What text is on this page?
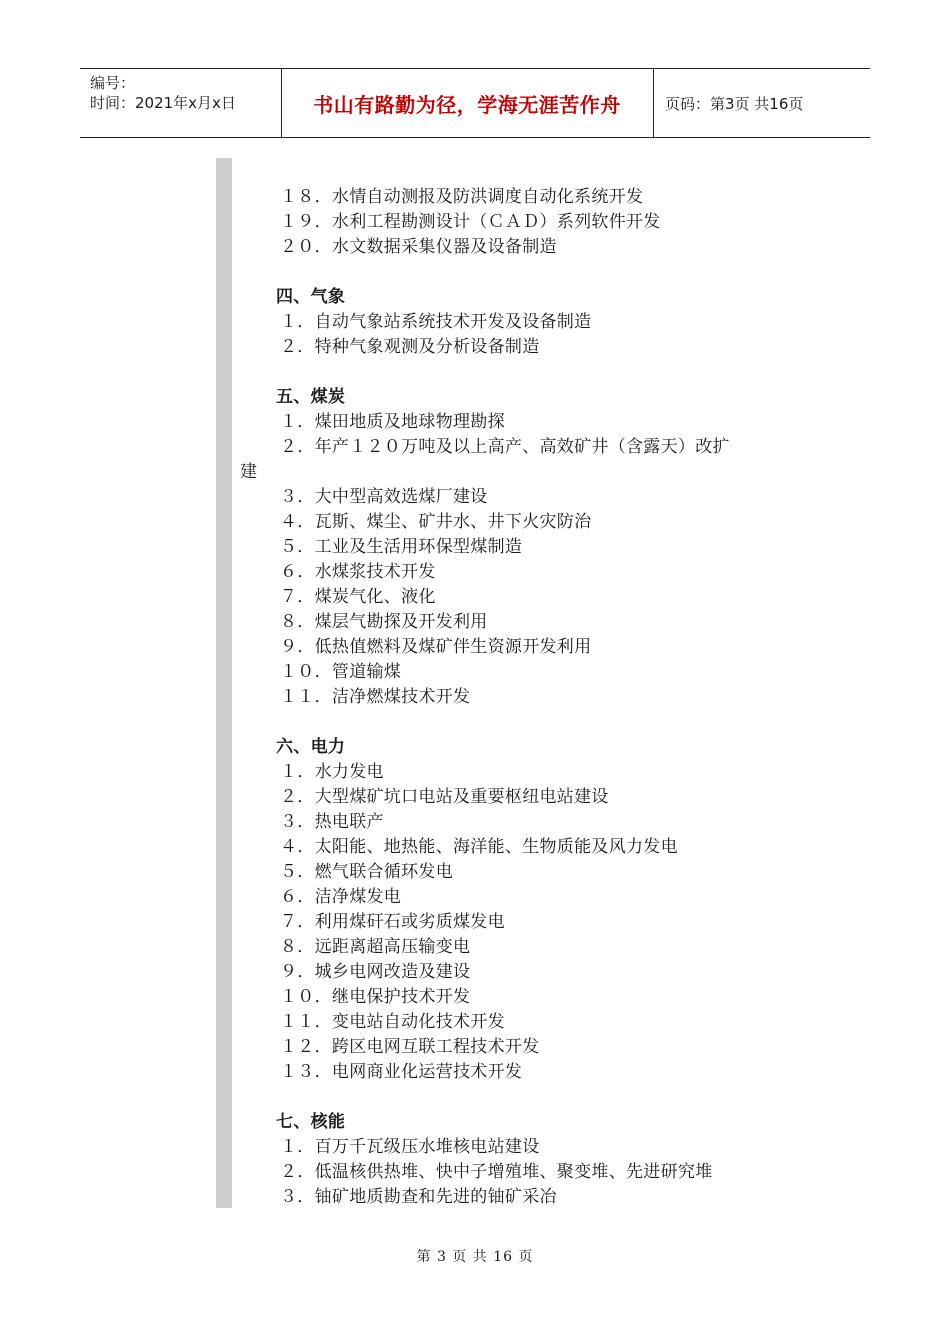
编号：
时间：2021年x月x日	书山有路勤为径，学海无涯苦作舟	页码：第3页 共16页
１８．水情自动测报及防洪调度自动化系统开发
１９．水利工程勘测设计（ＣＡＤ）系列软件开发
２０．水文数据采集仪器及设备制造
四、气象
１．自动气象站系统技术开发及设备制造
２．特种气象观测及分析设备制造
五、煤炭
１．煤田地质及地球物理勘探
２．年产１２０万吨及以上高产、高效矿井（含露天）改扩
建
３．大中型高效选煤厂建设
４．瓦斯、煤尘、矿井水、井下火灾防治
５．工业及生活用环保型煤制造
６．水煤浆技术开发
７．煤炭气化、液化
８．煤层气勘探及开发利用
９．低热值燃料及煤矿伴生资源开发利用
１０．管道输煤
１１．洁净燃煤技术开发
六、电力
１．水力发电
２．大型煤矿坑口电站及重要枢纽电站建设
３．热电联产
４．太阳能、地热能、海洋能、生物质能及风力发电
５．燃气联合循环发电
６．洁净煤发电
７．利用煤矸石或劣质煤发电
８．远距离超高压输变电
９．城乡电网改造及建设
１０．继电保护技术开发
１１．变电站自动化技术开发
１２．跨区电网互联工程技术开发
１３．电网商业化运营技术开发
七、核能
１．百万千瓦级压水堆核电站建设
２．低温核供热堆、快中子增殖堆、聚变堆、先进研究堆
３．铀矿地质勘查和先进的铀矿采冶
第 3 页 共 16 页
